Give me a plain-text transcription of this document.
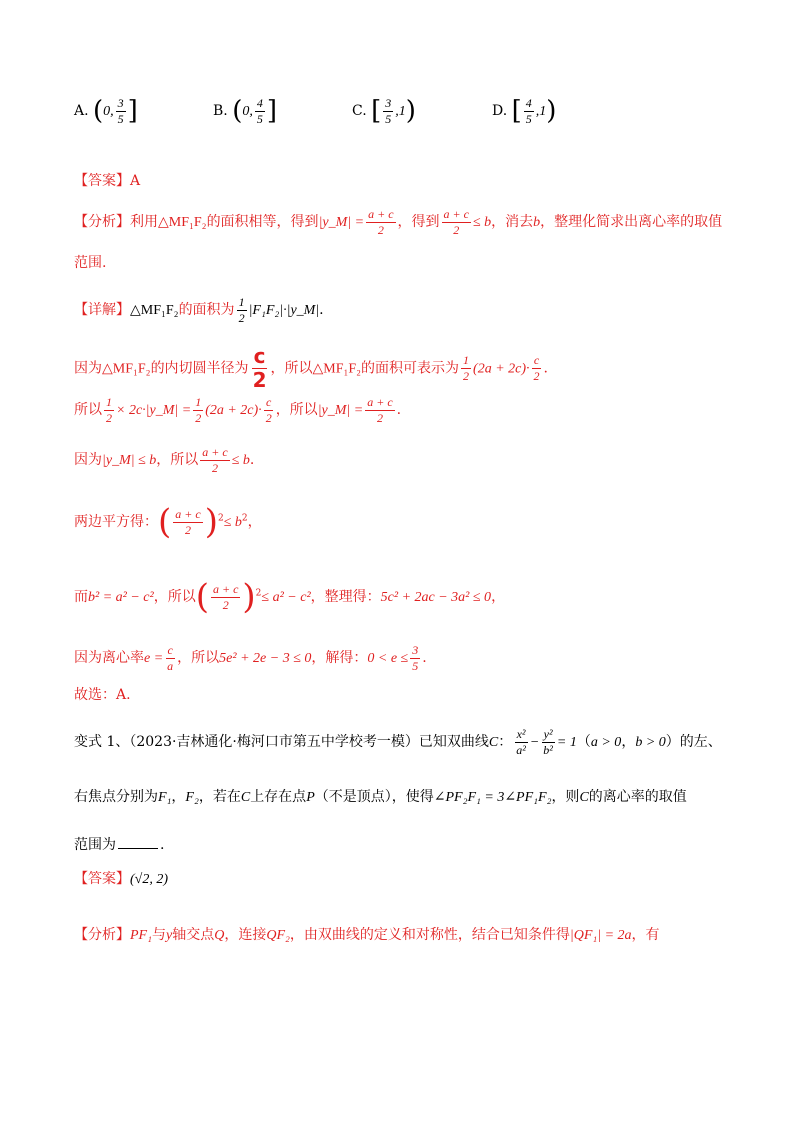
A. (0, $\frac{3}{5}$ ]	B. (0, $\frac{4}{5}$ ]	C. [ $\frac{3}{5} ,1$)	D. [ $\frac{4}{5} ,1$)
【答案】A
【分析】利用△MF₁F₂的面积相等，得到|y_M| = $\frac{a + c}{2}$ ，得到 $\frac{a + c}{2} \le b$，消去b，整理化简求出离心率的取值
范围.
【详解】△MF₁F₂的面积为 $\frac{1}{2}$ |F₁F₂|·|y_M|.
因为△MF₁F₂的内切圆半径为 $\frac{c}{2}$ ，所以△MF₁F₂的面积可表示为 $\frac{1}{2} (2a + 2c)\cdot \frac{c}{2}$ .
所以 $\frac{1}{2}$ × 2c·|y_M| = $\frac{1}{2} (2a + 2c)\cdot \frac{c}{2}$ ，所以|y_M| = $\frac{a + c}{2}$ .
因为|y_M| ≤ b，所以 $\frac{a + c}{2} \le b$.
两边平方得：( $\frac{a + c}{2} )^2\le b^2$，
而b² = a² − c²，所以( $\frac{a + c}{2} )^2\le a^2 - c^2$，整理得：5c² + 2ac − 3a² ≤ 0，
因为离心率$e = \frac{c}{a}$ ，所以5e² + 2e − 3 ≤ 0，解得：$0 < e \le \frac{3}{5}$ .
故选：A.
变式 1、（2023·吉林通化·梅河口市第五中学校考一模）已知双曲线C： $\frac{\text{x²}}{\text{a²}} - \frac{\text{y²}}{\text{b²}} = 1(a > 0$，b > 0）的左、
右焦点分别为F₁，F₂，若在C上存在点P（不是顶点），使得∠PF₂F₁ = 3∠PF₁F₂，则C的离心率的取值
范围为	.
【答案】(√2, 2)
【分析】PF₁与y轴交点Q，连接QF₂，由双曲线的定义和对称性，结合已知条件得|QF₁| = 2a，有
